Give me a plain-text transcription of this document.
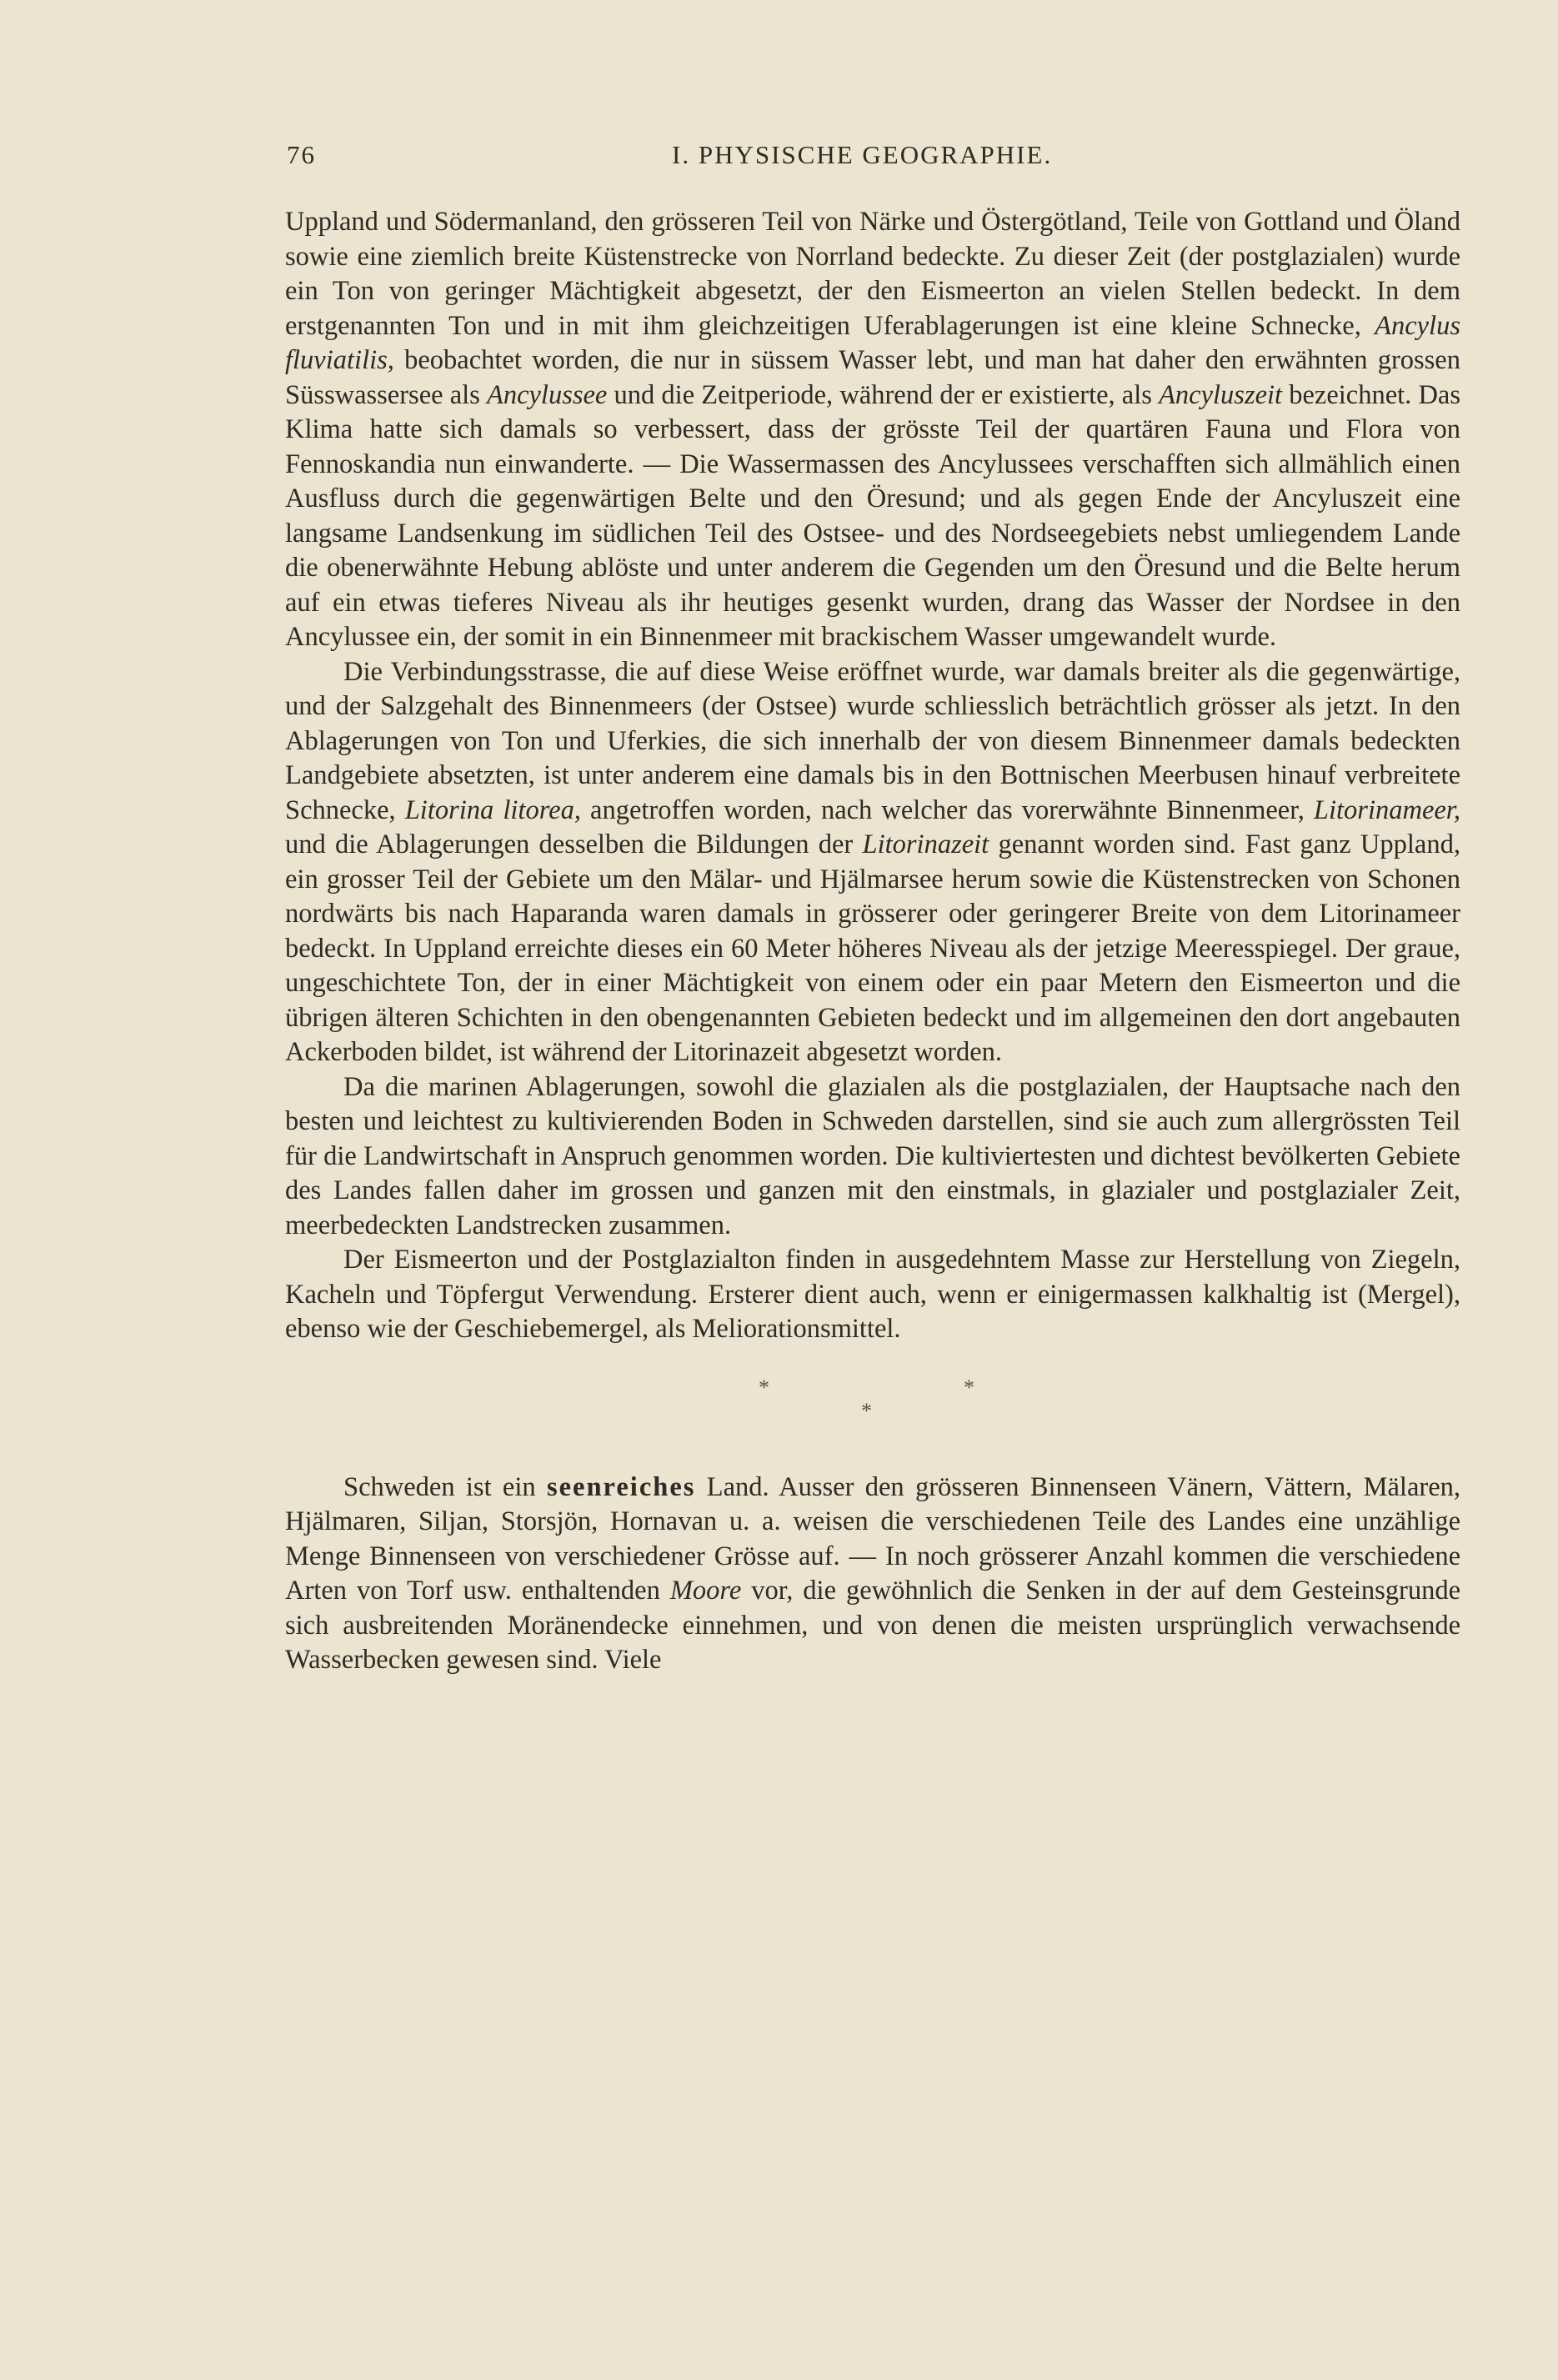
76	I. PHYSISCHE GEOGRAPHIE.

Uppland und Södermanland, den grösseren Teil von Närke und Östergötland, Teile von Gottland und Öland sowie eine ziemlich breite Küstenstrecke von Norrland bedeckte. Zu dieser Zeit (der postglazialen) wurde ein Ton von geringer Mächtigkeit abgesetzt, der den Eismeerton an vielen Stellen bedeckt. In dem erstgenannten Ton und in mit ihm gleichzeitigen Uferablagerungen ist eine kleine Schnecke, Ancylus fluviatilis, beobachtet worden, die nur in süssem Wasser lebt, und man hat daher den erwähnten grossen Süsswassersee als Ancylussee und die Zeitperiode, während der er existierte, als Ancyluszeit bezeichnet. Das Klima hatte sich damals so verbessert, dass der grösste Teil der quartären Fauna und Flora von Fennoskandia nun einwanderte. — Die Wassermassen des Ancylussees verschafften sich allmählich einen Ausfluss durch die gegenwärtigen Belte und den Öresund; und als gegen Ende der Ancyluszeit eine langsame Landsenkung im südlichen Teil des Ostsee- und des Nordseegebiets nebst umliegendem Lande die obenerwähnte Hebung ablöste und unter anderem die Gegenden um den Öresund und die Belte herum auf ein etwas tieferes Niveau als ihr heutiges gesenkt wurden, drang das Wasser der Nordsee in den Ancylussee ein, der somit in ein Binnenmeer mit brackischem Wasser umgewandelt wurde.

Die Verbindungsstrasse, die auf diese Weise eröffnet wurde, war damals breiter als die gegenwärtige, und der Salzgehalt des Binnenmeers (der Ostsee) wurde schliesslich beträchtlich grösser als jetzt. In den Ablagerungen von Ton und Uferkies, die sich innerhalb der von diesem Binnenmeer damals bedeckten Landgebiete absetzten, ist unter anderem eine damals bis in den Bottnischen Meerbusen hinauf verbreitete Schnecke, Litorina litorea, angetroffen worden, nach welcher das vorerwähnte Binnenmeer, Litorinameer, und die Ablagerungen desselben die Bildungen der Litorinazeit genannt worden sind. Fast ganz Uppland, ein grosser Teil der Gebiete um den Mälar- und Hjälmarsee herum sowie die Küstenstrecken von Schonen nordwärts bis nach Haparanda waren damals in grösserer oder geringerer Breite von dem Litorinameer bedeckt. In Uppland erreichte dieses ein 60 Meter höheres Niveau als der jetzige Meeresspiegel. Der graue, ungeschichtete Ton, der in einer Mächtigkeit von einem oder ein paar Metern den Eismeerton und die übrigen älteren Schichten in den obengenannten Gebieten bedeckt und im allgemeinen den dort angebauten Ackerboden bildet, ist während der Litorinazeit abgesetzt worden.

Da die marinen Ablagerungen, sowohl die glazialen als die postglazialen, der Hauptsache nach den besten und leichtest zu kultivierenden Boden in Schweden darstellen, sind sie auch zum allergrössten Teil für die Landwirtschaft in Anspruch genommen worden. Die kultiviertesten und dichtest bevölkerten Gebiete des Landes fallen daher im grossen und ganzen mit den einstmals, in glazialer und postglazialer Zeit, meerbedeckten Landstrecken zusammen.

Der Eismeerton und der Postglazialton finden in ausgedehntem Masse zur Herstellung von Ziegeln, Kacheln und Töpfergut Verwendung. Ersterer dient auch, wenn er einigermassen kalkhaltig ist (Mergel), ebenso wie der Geschiebemergel, als Meliorationsmittel.

*	*
*

Schweden ist ein seenreiches Land. Ausser den grösseren Binnenseen Vänern, Vättern, Mälaren, Hjälmaren, Siljan, Storsjön, Hornavan u. a. weisen die verschiedenen Teile des Landes eine unzählige Menge Binnenseen von verschiedener Grösse auf. — In noch grösserer Anzahl kommen die verschiedene Arten von Torf usw. enthaltenden Moore vor, die gewöhnlich die Senken in der auf dem Gesteinsgrunde sich ausbreitenden Moränendecke einnehmen, und von denen die meisten ursprünglich verwachsende Wasserbecken gewesen sind. Viele
